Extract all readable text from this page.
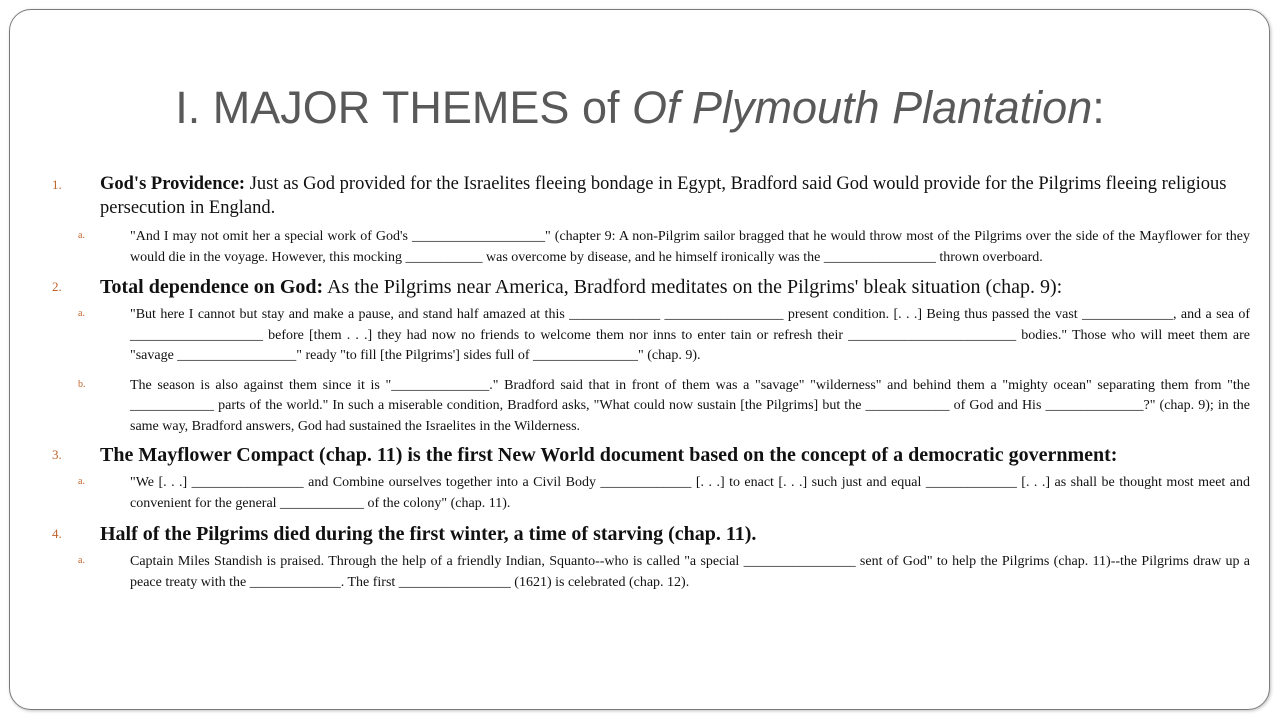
I. MAJOR THEMES of Of Plymouth Plantation:
1.	God's Providence: Just as God provided for the Israelites fleeing bondage in Egypt, Bradford said God would provide for the Pilgrims fleeing religious persecution in England.
a.	"And I may not omit her a special work of God's ___________________" (chapter 9: A non-Pilgrim sailor bragged that he would throw most of the Pilgrims over the side of the Mayflower for they would die in the voyage. However, this mocking ___________ was overcome by disease, and he himself ironically was the ________________ thrown overboard.
2.	Total dependence on God: As the Pilgrims near America, Bradford meditates on the Pilgrims' bleak situation (chap. 9):
a.	"But here I cannot but stay and make a pause, and stand half amazed at this _____________ _________________ present condition. [. . .] Being thus passed the vast _____________, and a sea of ___________________ before [them . . .] they had now no friends to welcome them nor inns to enter tain or refresh their ________________________ bodies." Those who will meet them are "savage _________________" ready "to fill [the Pilgrims'] sides full of _______________" (chap. 9).
b.	The season is also against them since it is "______________." Bradford said that in front of them was a "savage" "wilderness" and behind them a "mighty ocean" separating them from "the ____________ parts of the world." In such a miserable condition, Bradford asks, "What could now sustain [the Pilgrims] but the ____________ of God and His ______________?" (chap. 9); in the same way, Bradford answers, God had sustained the Israelites in the Wilderness.
3.	The Mayflower Compact (chap. 11) is the first New World document based on the concept of a democratic government:
a.	"We [. . .] ________________ and Combine ourselves together into a Civil Body _____________ [. . .] to enact [. . .] such just and equal _____________ [. . .] as shall be thought most meet and convenient for the general ____________ of the colony" (chap. 11).
4.	Half of the Pilgrims died during the first winter, a time of starving (chap. 11).
a.	Captain Miles Standish is praised. Through the help of a friendly Indian, Squanto--who is called "a special ________________ sent of God" to help the Pilgrims (chap. 11)--the Pilgrims draw up a peace treaty with the _____________. The first ________________ (1621) is celebrated (chap. 12).
